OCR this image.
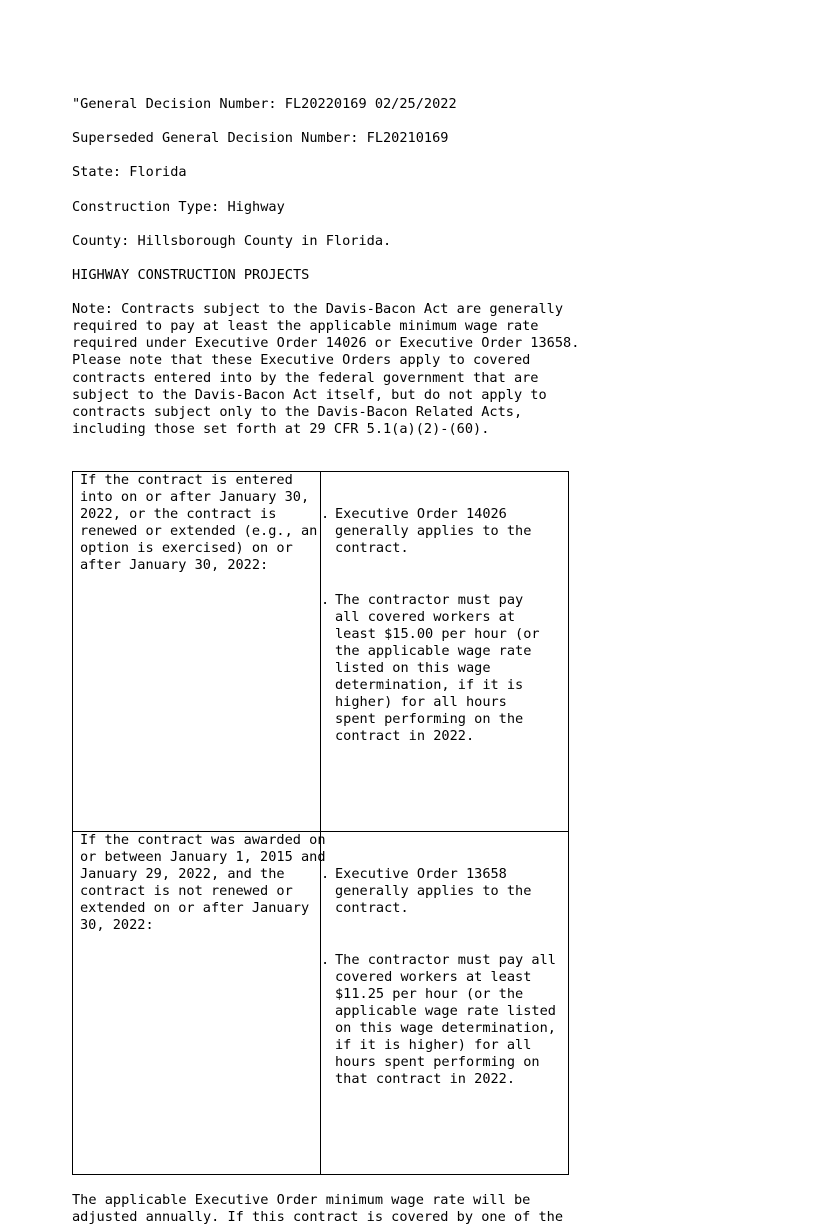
"General Decision Number: FL20220169 02/25/2022
Superseded General Decision Number: FL20210169
State: Florida
Construction Type: Highway
County: Hillsborough County in Florida.
HIGHWAY CONSTRUCTION PROJECTS
Note: Contracts subject to the Davis-Bacon Act are generally
required to pay at least the applicable minimum wage rate
required under Executive Order 14026 or Executive Order 13658.
Please note that these Executive Orders apply to covered
contracts entered into by the federal government that are
subject to the Davis-Bacon Act itself, but do not apply to
contracts subject only to the Davis-Bacon Related Acts,
including those set forth at 29 CFR 5.1(a)(2)-(60).
If the contract is entered
into on or after January 30,
2022, or the contract is
renewed or extended (e.g., an
option is exercised) on or
after January 30, 2022:

. Executive Order 14026
generally applies to the
contract.

. The contractor must pay
all covered workers at
least $15.00 per hour (or
the applicable wage rate
listed on this wage
determination, if it is
higher) for all hours
spent performing on the
contract in 2022.

If the contract was awarded on
or between January 1, 2015 and
January 29, 2022, and the
contract is not renewed or
extended on or after January
30, 2022:

. Executive Order 13658
generally applies to the
contract.

. The contractor must pay all
covered workers at least
$11.25 per hour (or the
applicable wage rate listed
on this wage determination,
if it is higher) for all
hours spent performing on
that contract in 2022.

The applicable Executive Order minimum wage rate will be
adjusted annually. If this contract is covered by one of the
